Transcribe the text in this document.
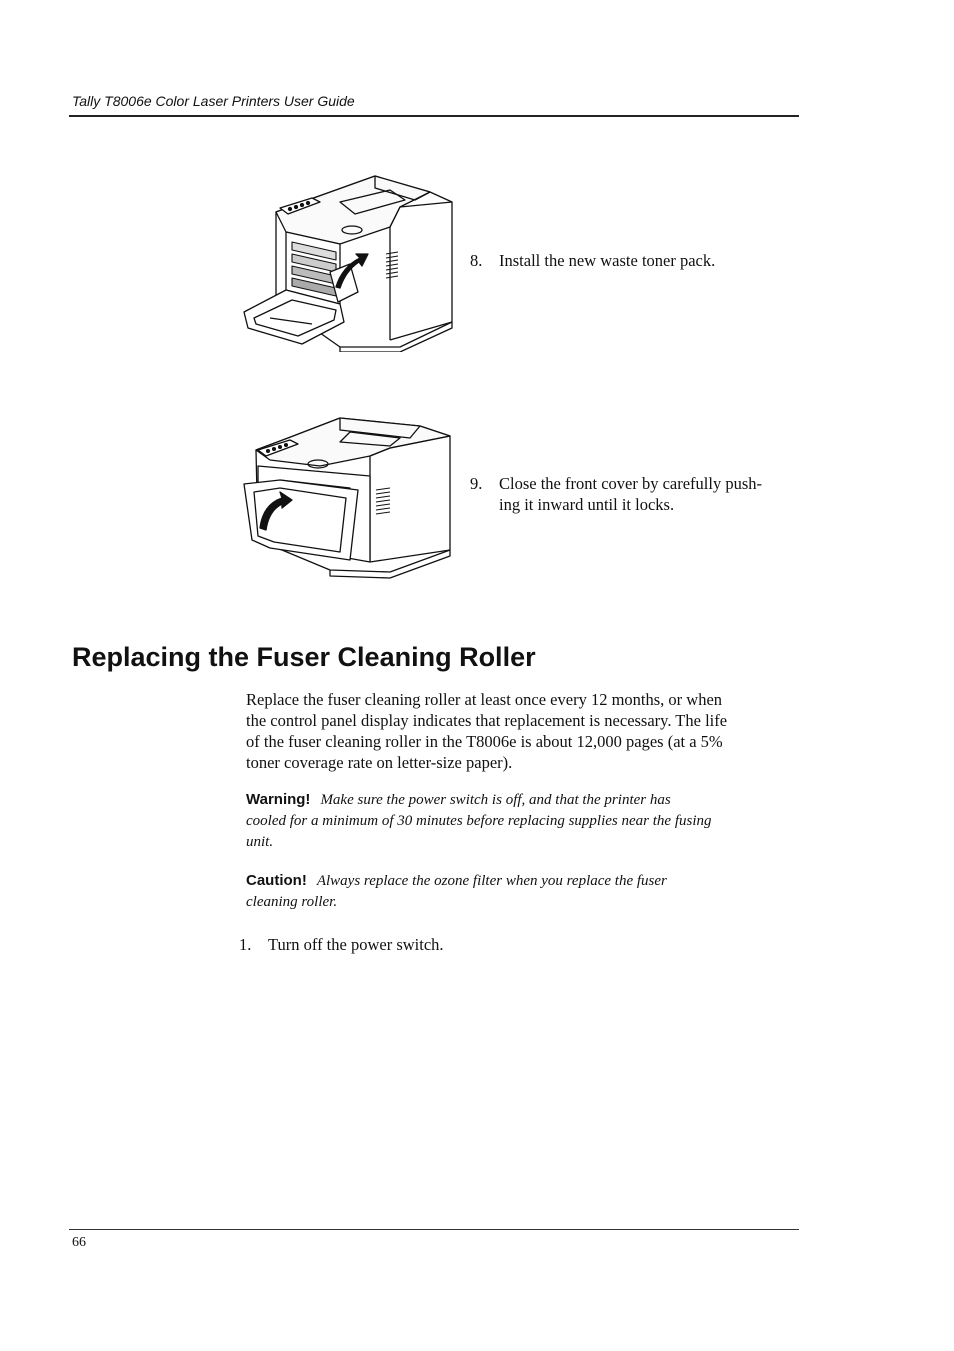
Tally T8006e Color Laser Printers User Guide
8. Install the new waste toner pack.
9. Close the front cover by carefully push-
ing it inward until it locks.
Replacing the Fuser Cleaning Roller

Replace the fuser cleaning roller at least once every 12 months, or when
the control panel display indicates that replacement is necessary. The life
of the fuser cleaning roller in the T8006e is about 12,000 pages (at a 5%
toner coverage rate on letter-size paper).

Warning! Make sure the power switch is off, and that the printer has
cooled for a minimum of 30 minutes before replacing supplies near the fusing
unit.

Caution! Always replace the ozone filter when you replace the fuser
cleaning roller.

1. Turn off the power switch.
66
